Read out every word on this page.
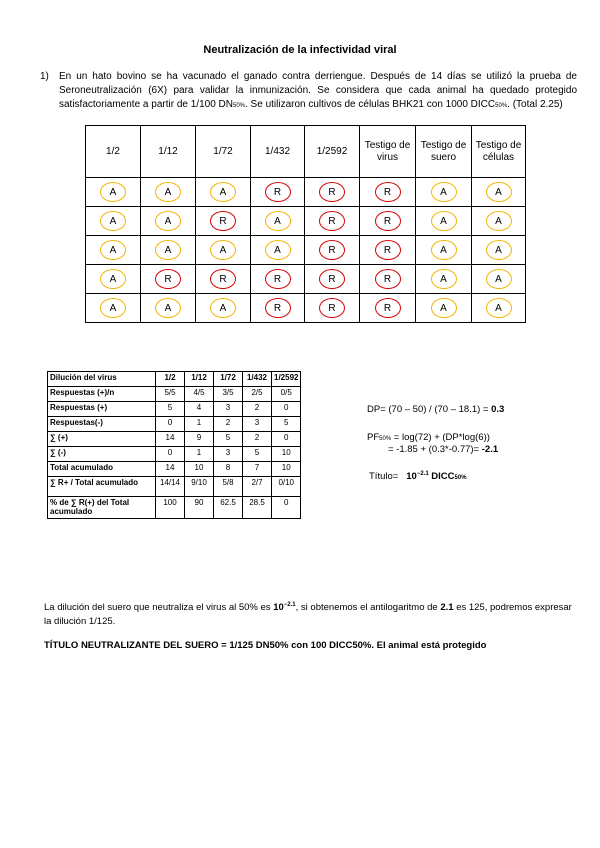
Neutralización de la infectividad viral
1) En un hato bovino se ha vacunado el ganado contra derriengue. Después de 14 días se utilizó la prueba de Seroneutralización (6X) para validar la inmunización. Se considera que cada animal ha quedado protegido satisfactoriamente a partir de 1/100 DN50%. Se utilizaron cultivos de células BHK21 con 1000 DICC50%. (Total 2.25)
1/2	1/12	1/72	1/432	1/2592	Testigo de virus	Testigo de suero	Testigo de células
A	A	A	R	R	R	A	A
A	A	R	A	R	R	A	A
A	A	A	A	R	R	A	A
A	R	R	R	R	R	A	A
A	A	A	R	R	R	A	A
Dilución del virus	1/2	1/12	1/72	1/432	1/2592
Respuestas (+)/n	5/5	4/5	3/5	2/5	0/5
Respuestas (+)	5	4	3	2	0
Respuestas(-)	0	1	2	3	5
∑ (+)	14	9	5	2	0
∑ (-)	0	1	3	5	10
Total acumulado	14	10	8	7	10
∑ R+ / Total acumulado	14/14	9/10	5/8	2/7	0/10
% de ∑ R(+) del Total acumulado	100	90	62.5	28.5	0
DP= (70 – 50) / (70 – 18.1) = 0.3
PF50% = log(72) + (DP*log(6))
= -1.85 + (0.3*-0.77)= -2.1
Título=   $10^{-2.1}$ DICC50%
La dilución del suero que neutraliza el virus al 50% es $10^{-2.1}$, si obtenemos el antilogaritmo de 2.1 es 125, podremos expresar la dilución 1/125.
TÍTULO NEUTRALIZANTE DEL SUERO = 1/125 DN50% con 100 DICC50%. El animal está protegido
